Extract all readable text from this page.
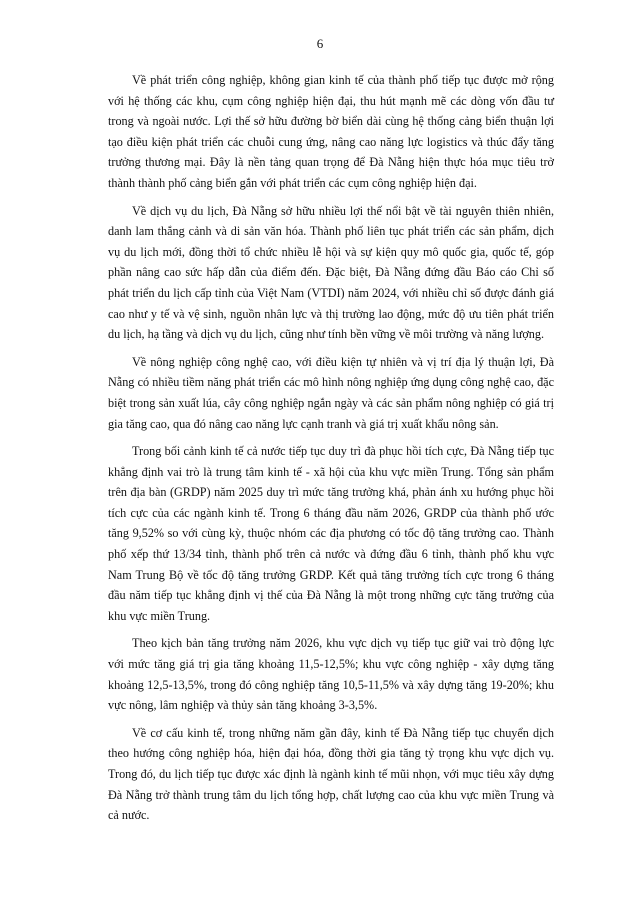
6

Về phát triển công nghiệp, không gian kinh tế của thành phố tiếp tục được mở rộng với hệ thống các khu, cụm công nghiệp hiện đại, thu hút mạnh mẽ các dòng vốn đầu tư trong và ngoài nước. Lợi thế sở hữu đường bờ biển dài cùng hệ thống cảng biển thuận lợi tạo điều kiện phát triển các chuỗi cung ứng, nâng cao năng lực logistics và thúc đẩy tăng trưởng thương mại. Đây là nền tảng quan trọng để Đà Nẵng hiện thực hóa mục tiêu trở thành thành phố cảng biển gắn với phát triển các cụm công nghiệp hiện đại.

Về dịch vụ du lịch, Đà Nẵng sở hữu nhiều lợi thế nổi bật về tài nguyên thiên nhiên, danh lam thắng cảnh và di sản văn hóa. Thành phố liên tục phát triển các sản phẩm, dịch vụ du lịch mới, đồng thời tổ chức nhiều lễ hội và sự kiện quy mô quốc gia, quốc tế, góp phần nâng cao sức hấp dẫn của điểm đến. Đặc biệt, Đà Nẵng đứng đầu Báo cáo Chỉ số phát triển du lịch cấp tỉnh của Việt Nam (VTDI) năm 2024, với nhiều chỉ số được đánh giá cao như y tế và vệ sinh, nguồn nhân lực và thị trường lao động, mức độ ưu tiên phát triển du lịch, hạ tầng và dịch vụ du lịch, cũng như tính bền vững về môi trường và năng lượng.

Về nông nghiệp công nghệ cao, với điều kiện tự nhiên và vị trí địa lý thuận lợi, Đà Nẵng có nhiều tiềm năng phát triển các mô hình nông nghiệp ứng dụng công nghệ cao, đặc biệt trong sản xuất lúa, cây công nghiệp ngắn ngày và các sản phẩm nông nghiệp có giá trị gia tăng cao, qua đó nâng cao năng lực cạnh tranh và giá trị xuất khẩu nông sản.

Trong bối cảnh kinh tế cả nước tiếp tục duy trì đà phục hồi tích cực, Đà Nẵng tiếp tục khẳng định vai trò là trung tâm kinh tế - xã hội của khu vực miền Trung. Tổng sản phẩm trên địa bàn (GRDP) năm 2025 duy trì mức tăng trưởng khá, phản ánh xu hướng phục hồi tích cực của các ngành kinh tế. Trong 6 tháng đầu năm 2026, GRDP của thành phố ước tăng 9,52% so với cùng kỳ, thuộc nhóm các địa phương có tốc độ tăng trưởng cao. Thành phố xếp thứ 13/34 tỉnh, thành phố trên cả nước và đứng đầu 6 tỉnh, thành phố khu vực Nam Trung Bộ về tốc độ tăng trưởng GRDP. Kết quả tăng trưởng tích cực trong 6 tháng đầu năm tiếp tục khẳng định vị thế của Đà Nẵng là một trong những cực tăng trưởng của khu vực miền Trung.

Theo kịch bản tăng trưởng năm 2026, khu vực dịch vụ tiếp tục giữ vai trò động lực với mức tăng giá trị gia tăng khoảng 11,5-12,5%; khu vực công nghiệp - xây dựng tăng khoảng 12,5-13,5%, trong đó công nghiệp tăng 10,5-11,5% và xây dựng tăng 19-20%; khu vực nông, lâm nghiệp và thủy sản tăng khoảng 3-3,5%.

Về cơ cấu kinh tế, trong những năm gần đây, kinh tế Đà Nẵng tiếp tục chuyển dịch theo hướng công nghiệp hóa, hiện đại hóa, đồng thời gia tăng tỷ trọng khu vực dịch vụ. Trong đó, du lịch tiếp tục được xác định là ngành kinh tế mũi nhọn, với mục tiêu xây dựng Đà Nẵng trở thành trung tâm du lịch tổng hợp, chất lượng cao của khu vực miền Trung và cả nước.
